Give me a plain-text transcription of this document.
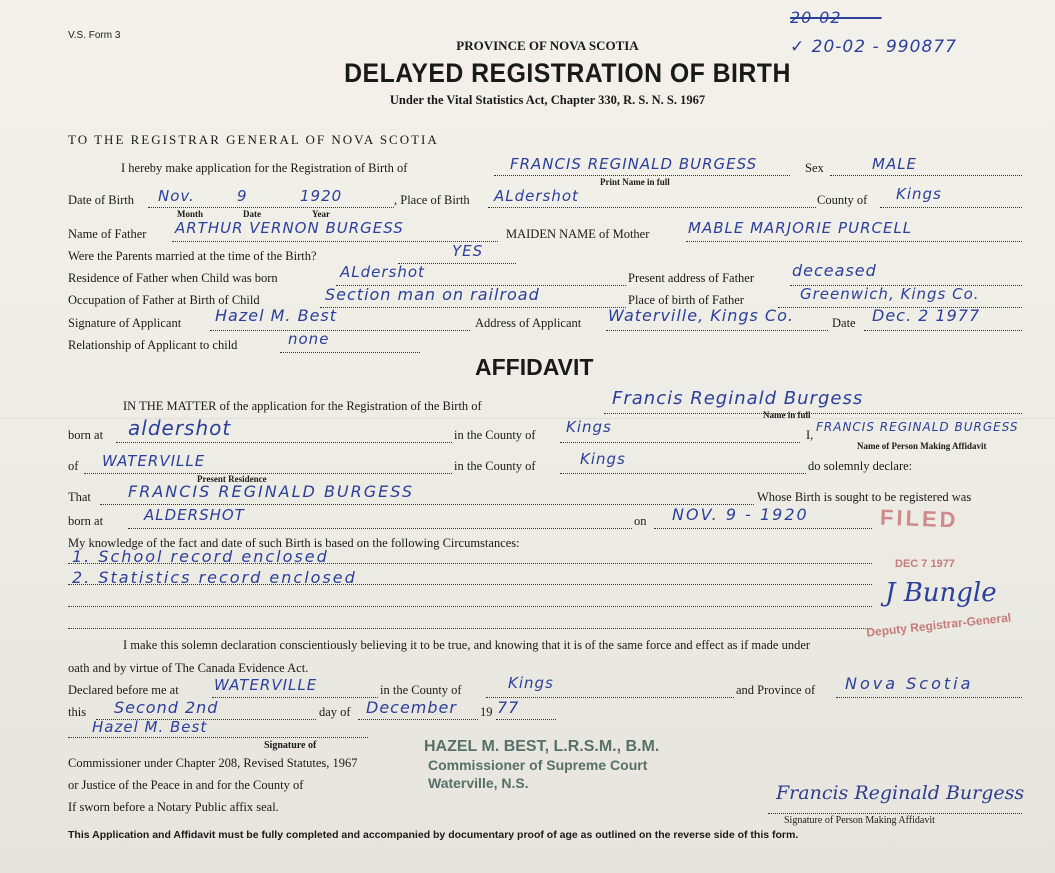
V.S. Form 3
PROVINCE OF NOVA SCOTIA
DELAYED REGISTRATION OF BIRTH
Under the Vital Statistics Act, Chapter 330, R. S. N. S. 1967
20-02 ——
✓ 20-02 - 990877
TO THE REGISTRAR GENERAL OF NOVA SCOTIA
I hereby make application for the Registration of Birth of	FRANCIS REGINALD BURGESS
Print Name in full
Sex	MALE
Date of Birth Nov.	9	1920
Month	Date	Year
, Place of Birth ALdershot	County of Kings
Name of Father ARTHUR VERNON BURGESS	MAIDEN NAME of Mother	MABLE MARJORIE PURCELL
Were the Parents married at the time of the Birth?	YES
Residence of Father when Child was born	ALdershot	Present address of Father deceased
Occupation of Father at Birth of Child	Section man on railroad	Place of birth of Father	Greenwich, Kings Co.
Signature of Applicant Hazel M. Best	Address of Applicant Waterville, Kings Co.	Date Dec. 2 1977
Relationship of Applicant to child	none
AFFIDAVIT
IN THE MATTER of the application for the Registration of the Birth of	Francis Reginald Burgess
Name in full
born at aldershot	in the County of Kings	I,
FRANCIS REGINALD BURGESS
Name of Person Making Affidavit
of WATERVILLE
Present Residence
in the County of	Kings	do solemnly declare:
That FRANCIS REGINALD BURGESS	Whose Birth is sought to be registered was
born at	ALDERSHOT	on NOV. 9 - 1920
My knowledge of the fact and date of such Birth is based on the following Circumstances:
1. School record enclosed
2. Statistics record enclosed
I make this solemn declaration conscientiously believing it to be true, and knowing that it is of the same force and effect as if made under
oath and by virtue of The Canada Evidence Act.
Declared before me at WATERVILLE	in the County of	Kings	and Province of Nova Scotia
this Second 2nd	day of December 19 77
Hazel M. Best
Signature of
Commissioner under Chapter 208, Revised Statutes, 1967
or Justice of the Peace in and for the County of
If sworn before a Notary Public affix seal.
HAZEL M. BEST, L.R.S.M., B.M.
Commissioner of Supreme Court
Waterville, N.S.	Francis Reginald Burgess
Signature of Person Making Affidavit
FILED
DEC 7 1977
J Bungle
Deputy Registrar-General
This Application and Affidavit must be fully completed and accompanied by documentary proof of age as outlined on the reverse side of this form.
